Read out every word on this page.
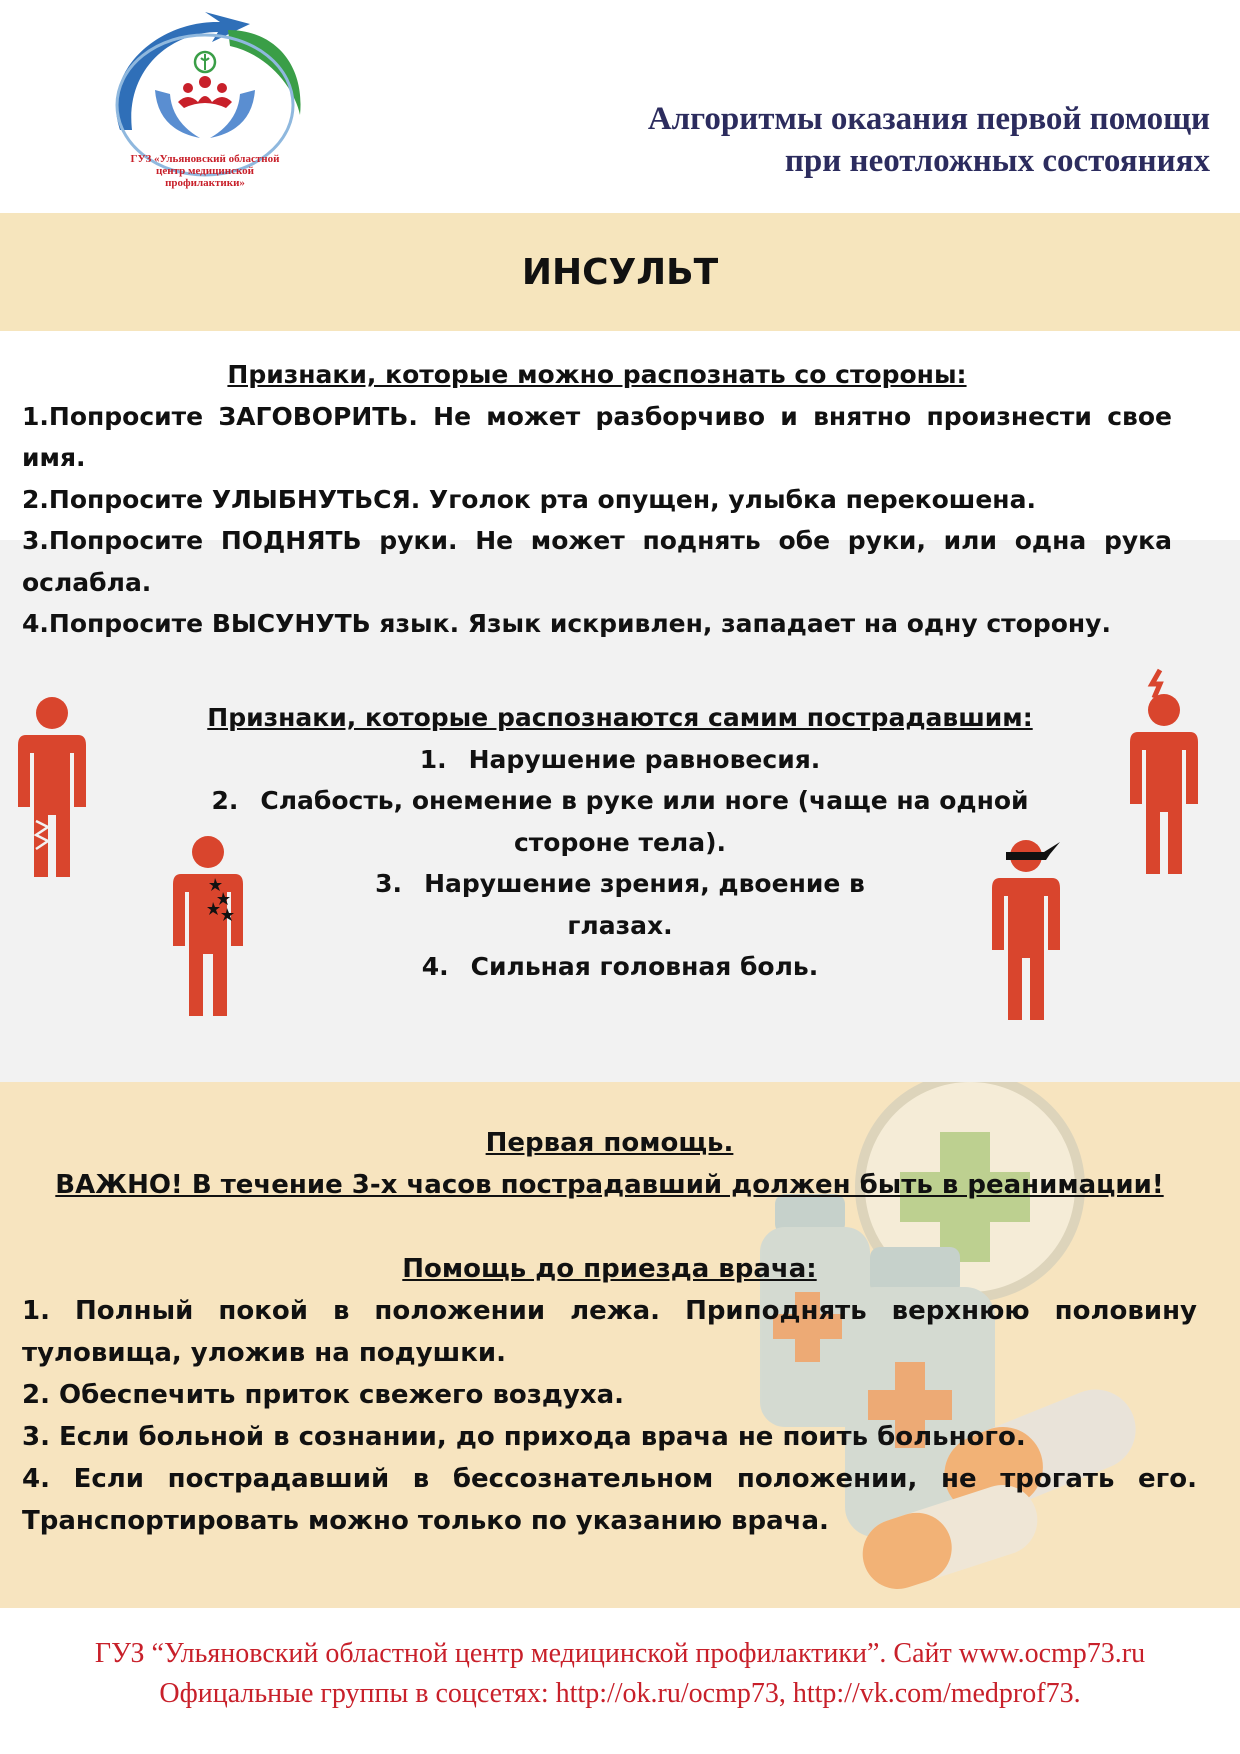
ГУЗ «Ульяновский областной
центр медицинской
профилактики»
Алгоритмы оказания первой помощи
при неотложных состояниях
ИНСУЛЬТ
Признаки, которые можно распознать со стороны:
1.Попросите ЗАГОВОРИТЬ. Не может разборчиво и внятно произнести свое имя.
2.Попросите УЛЫБНУТЬСЯ. Уголок рта опущен, улыбка перекошена.
3.Попросите ПОДНЯТЬ руки. Не может поднять обе руки, или одна рука ослабла.
4.Попросите ВЫСУНУТЬ язык. Язык искривлен, западает на одну сторону.
Признаки, которые распознаются самим пострадавшим:
1. Нарушение равновесия.
2. Слабость, онемение в руке или ноге (чаще на одной
стороне тела).
3. Нарушение зрения, двоение в
глазах.
4. Сильная головная боль.
Первая помощь.
ВАЖНО! В течение 3-х часов пострадавший должен быть в реанимации!
Помощь до приезда врача:
1. Полный покой в положении лежа. Приподнять верхнюю половину туловища, уложив на подушки.
2. Обеспечить приток свежего воздуха.
3. Если больной в сознании, до прихода врача не поить больного.
4. Если пострадавший в бессознательном положении, не трогать его. Транспортировать можно только по указанию врача.
ГУЗ “Ульяновский областной центр медицинской профилактики”. Сайт www.ocmp73.ru
Офицальные группы в соцсетях: http://ok.ru/ocmp73, http://vk.com/medprof73.
